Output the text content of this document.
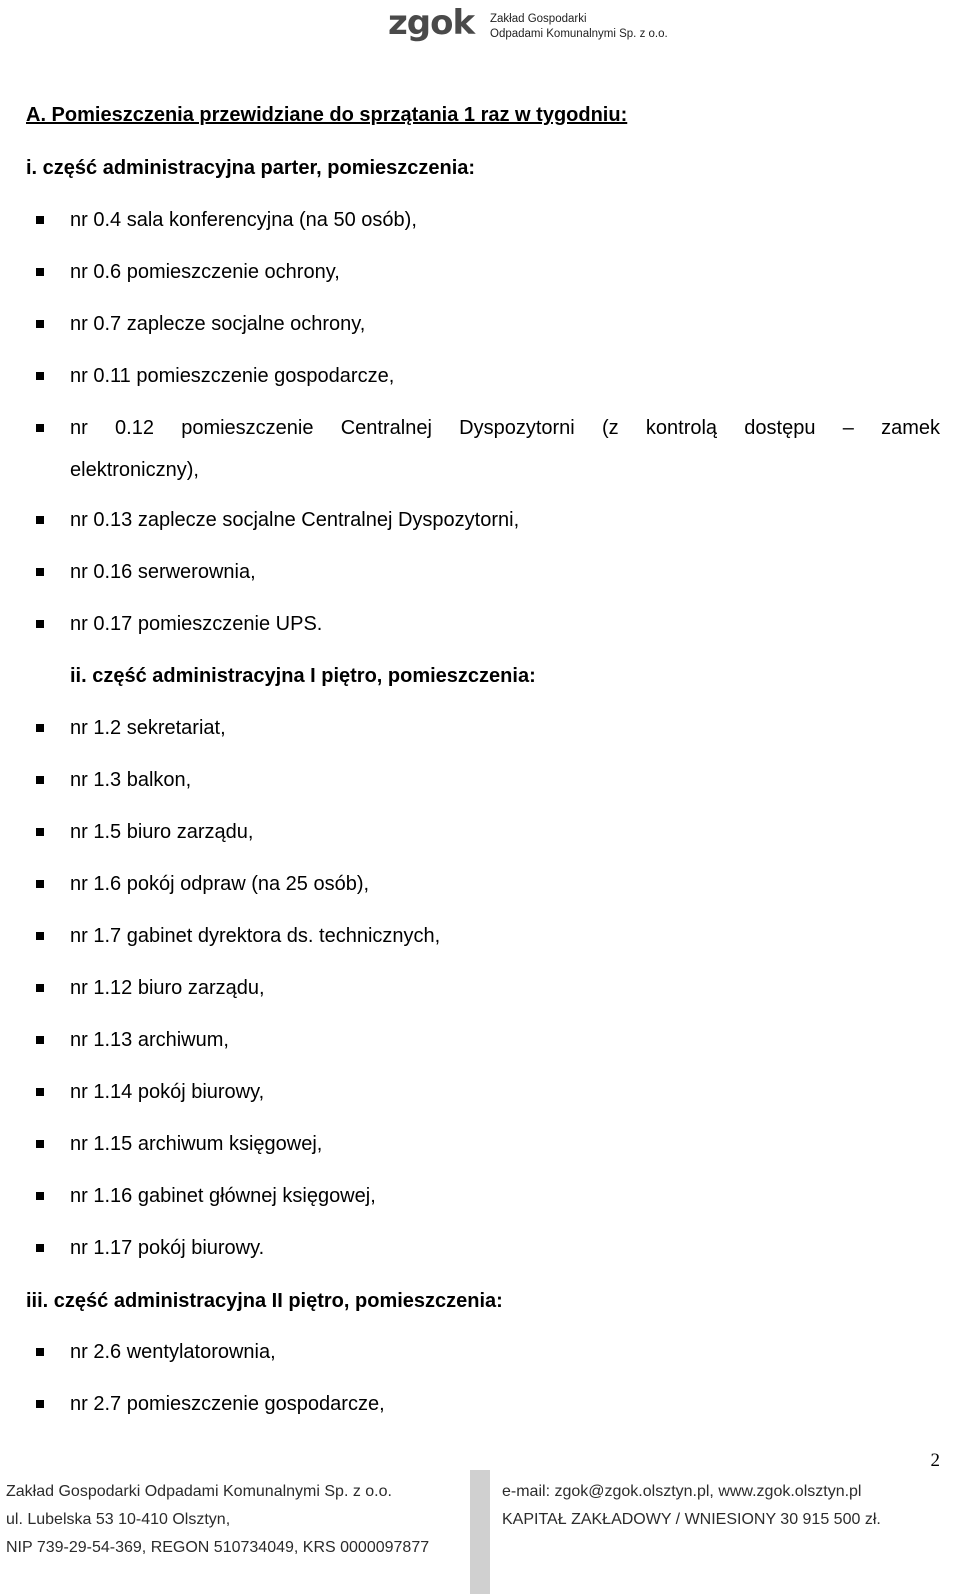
zgok Zakład Gospodarki
Odpadami Komunalnymi Sp. z o.o.
A. Pomieszczenia przewidziane do sprzątania 1 raz w tygodniu:
i. część administracyjna parter, pomieszczenia:
nr 0.4 sala konferencyjna (na 50 osób),
nr 0.6 pomieszczenie ochrony,
nr 0.7 zaplecze socjalne ochrony,
nr 0.11 pomieszczenie gospodarcze,
nr 0.12 pomieszczenie Centralnej Dyspozytorni (z kontrolą dostępu – zamek
elektroniczny),
nr 0.13 zaplecze socjalne Centralnej Dyspozytorni,
nr 0.16 serwerownia,
nr 0.17 pomieszczenie UPS.
ii. część administracyjna I piętro, pomieszczenia:
nr 1.2 sekretariat,
nr 1.3 balkon,
nr 1.5 biuro zarządu,
nr 1.6 pokój odpraw (na 25 osób),
nr 1.7 gabinet dyrektora ds. technicznych,
nr 1.12 biuro zarządu,
nr 1.13 archiwum,
nr 1.14 pokój biurowy,
nr 1.15 archiwum księgowej,
nr 1.16 gabinet głównej księgowej,
nr 1.17 pokój biurowy.
iii. część administracyjna II piętro, pomieszczenia:
nr 2.6 wentylatorownia,
nr 2.7 pomieszczenie gospodarcze,
2
Zakład Gospodarki Odpadami Komunalnymi Sp. z o.o.
ul. Lubelska 53 10-410 Olsztyn,
NIP 739-29-54-369, REGON 510734049, KRS 0000097877
e-mail: zgok@zgok.olsztyn.pl, www.zgok.olsztyn.pl
KAPITAŁ ZAKŁADOWY / WNIESIONY 30 915 500 zł.
